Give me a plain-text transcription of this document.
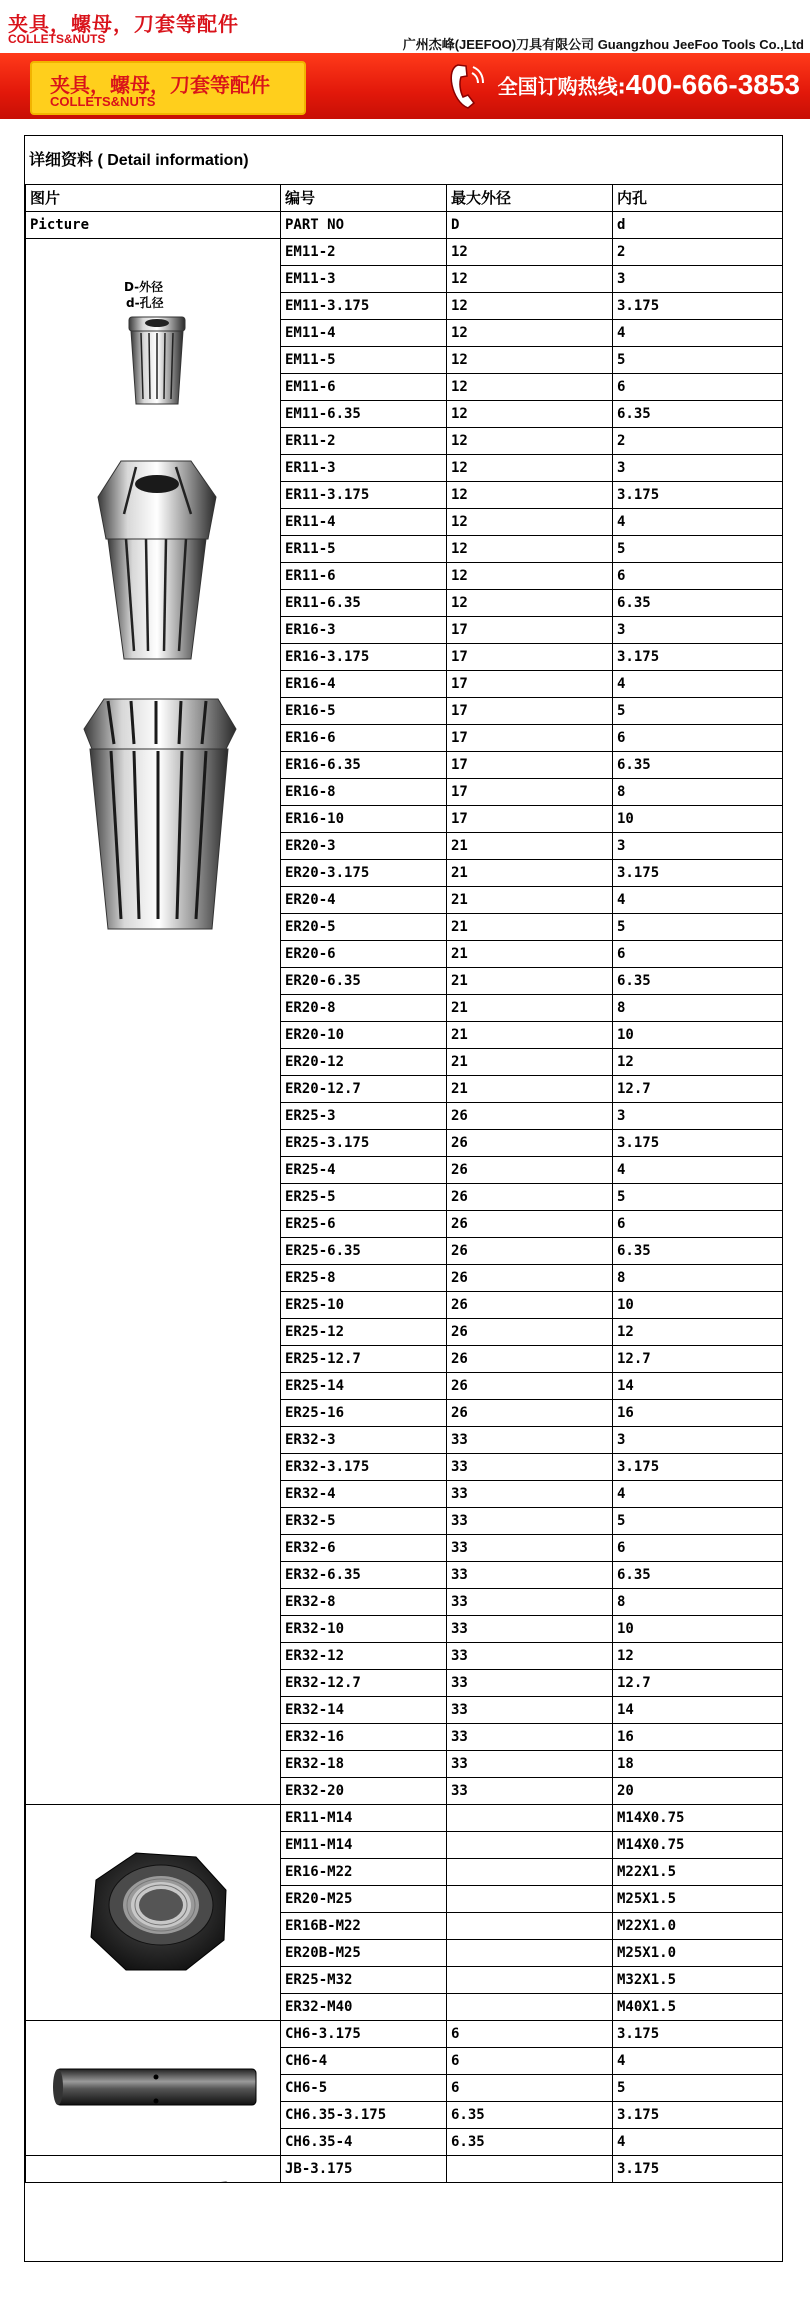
夹具，螺母，刀套等配件
COLLETS&NUTS	广州杰峰(JEEFOO)刀具有限公司 Guangzhou JeeFoo Tools Co.,Ltd
夹具，螺母，刀套等配件
COLLETS&NUTS
全国订购热线:400-666-3853
详细资料 ( Detail information)
图片	编号	最大外径	内孔
Picture	PART NO	D	d

D-外径
d-孔径	EM11-2	12	2
	EM11-3	12	3
	EM11-3.175	12	3.175
	EM11-4	12	4
	EM11-5	12	5
	EM11-6	12	6
	EM11-6.35	12	6.35
	ER11-2	12	2
	ER11-3	12	3
	ER11-3.175	12	3.175
	ER11-4	12	4
	ER11-5	12	5
	ER11-6	12	6
	ER11-6.35	12	6.35
	ER16-3	17	3
	ER16-3.175	17	3.175
	ER16-4	17	4
	ER16-5	17	5
	ER16-6	17	6
	ER16-6.35	17	6.35
	ER16-8	17	8
	ER16-10	17	10
	ER20-3	21	3
	ER20-3.175	21	3.175
	ER20-4	21	4
	ER20-5	21	5
	ER20-6	21	6
	ER20-6.35	21	6.35
	ER20-8	21	8
	ER20-10	21	10
	ER20-12	21	12
	ER20-12.7	21	12.7
	ER25-3	26	3
	ER25-3.175	26	3.175
	ER25-4	26	4
	ER25-5	26	5
	ER25-6	26	6
	ER25-6.35	26	6.35
	ER25-8	26	8
	ER25-10	26	10
	ER25-12	26	12
	ER25-12.7	26	12.7
	ER25-14	26	14
	ER25-16	26	16
	ER32-3	33	3
	ER32-3.175	33	3.175
	ER32-4	33	4
	ER32-5	33	5
	ER32-6	33	6
	ER32-6.35	33	6.35
	ER32-8	33	8
	ER32-10	33	10
	ER32-12	33	12
	ER32-12.7	33	12.7
	ER32-14	33	14
	ER32-16	33	16
	ER32-18	33	18
	ER32-20	33	20

	ER11-M14		M14X0.75
	EM11-M14		M14X0.75
	ER16-M22		M22X1.5
	ER20-M25		M25X1.5
	ER16B-M22		M22X1.0
	ER20B-M25		M25X1.0
	ER25-M32		M32X1.5
	ER32-M40		M40X1.5

	CH6-3.175	6	3.175
	CH6-4	6	4
	CH6-5	6	5
	CH6.35-3.175	6.35	3.175
	CH6.35-4	6.35	4

	JB-3.175		3.175
